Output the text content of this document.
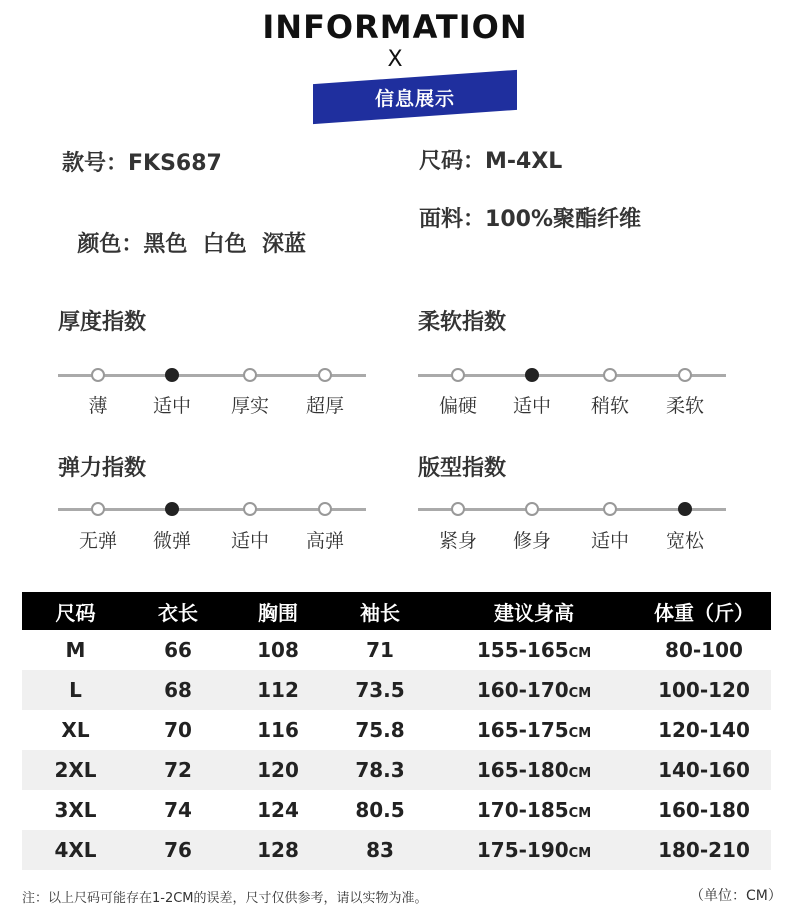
INFORMATION
X
信息展示
款号：FKS687	尺码：M-4XL

颜色：黑色  白色  深蓝

面料：100%聚酯纤维
厚度指数
薄	适中	厚实	超厚
柔软指数
偏硬	适中	稍软	柔软
弹力指数
无弹	微弹	适中	高弹
版型指数
紧身	修身	适中	宽松
尺码	衣长	胸围	袖长	建议身高	体重（斤）
M	66	108	71	155-165CM	80-100
L	68	112	73.5	160-170CM	100-120
XL	70	116	75.8	165-175CM	120-140
2XL	72	120	78.3	165-180CM	140-160
3XL	74	124	80.5	170-185CM	160-180
4XL	76	128	83	175-190CM	180-210
注：以上尺码可能存在1-2CM的误差，尺寸仅供参考，请以实物为准。	（单位：CM）
